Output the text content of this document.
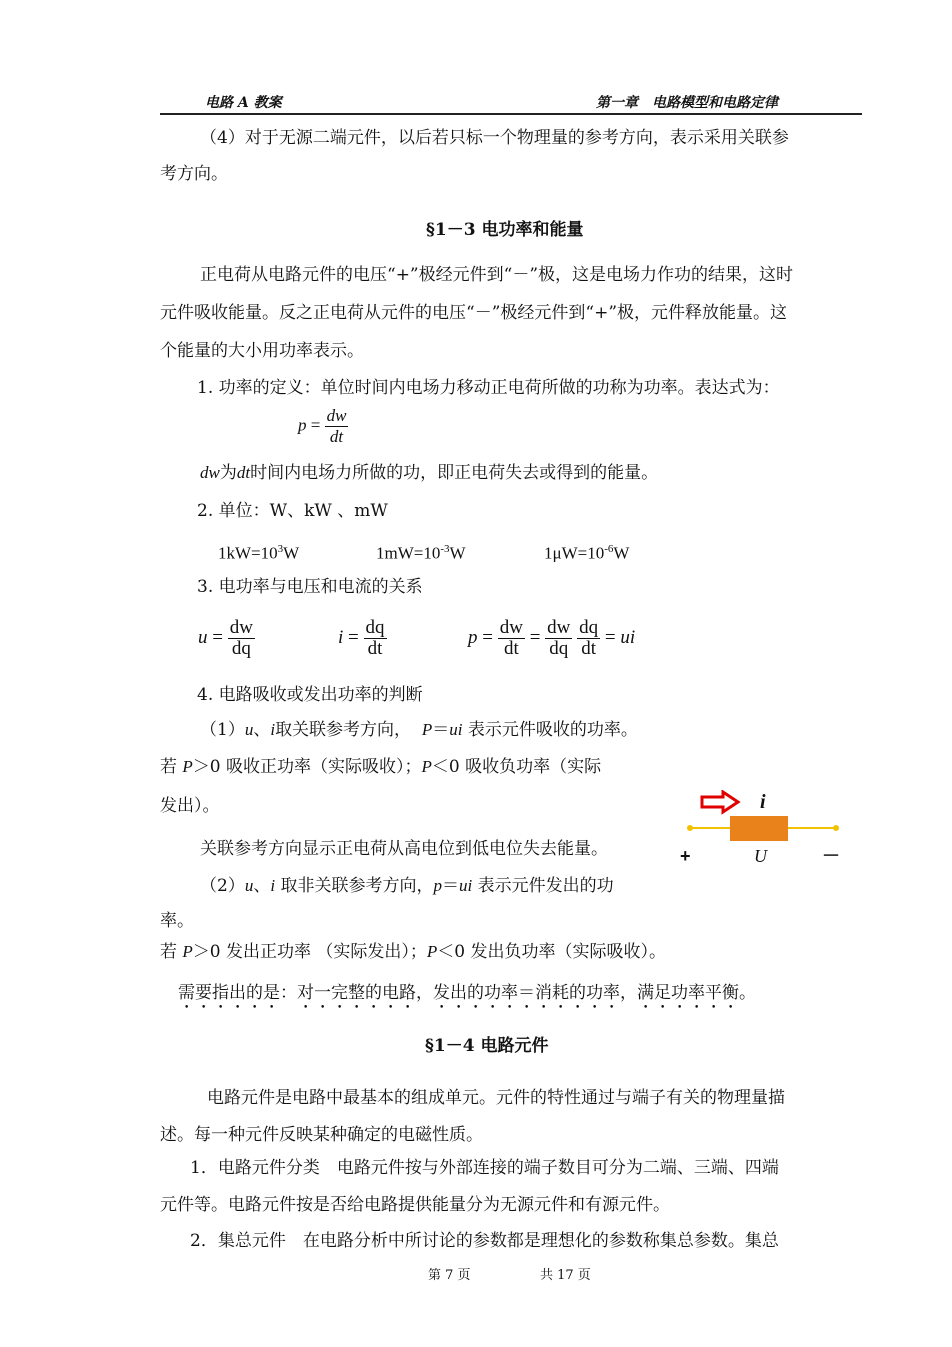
电路 A 教案	第一章　电路模型和电路定律
（4）对于无源二端元件，以后若只标一个物理量的参考方向，表示采用关联参
考方向。
§1－3 电功率和能量
正电荷从电路元件的电压“+”极经元件到“－”极，这是电场力作功的结果，这时
元件吸收能量。反之正电荷从元件的电压“－”极经元件到“+”极，元件释放能量。这
个能量的大小用功率表示。
1. 功率的定义：单位时间内电场力移动正电荷所做的功称为功率。表达式为：
$p = \frac{dw}{dt}$
dw为dt时间内电场力所做的功，即正电荷失去或得到的能量。
2. 单位：W、kW 、mW
$1kW=10^3W$	$1mW=10^{-3}W$	$1\mu W=10^{-6}W$
3. 电功率与电压和电流的关系
$u = \frac{dw}{dq}$	$i = \frac{dq}{dt}$	$p = \frac{dw}{dt} = \frac{dw}{dq}$
$\frac{dq}{dt}$ = ui
4. 电路吸收或发出功率的判断
（1）u、i取关联参考方向， P＝ui 表示元件吸收的功率。
若 P＞0 吸收正功率（实际吸收）；P＜0 吸收负功率（实际
发出）。
关联参考方向显示正电荷从高电位到低电位失去能量。
（2）u、i 取非关联参考方向，p＝ui 表示元件发出的功
率。
若 P＞0 发出正功率 （实际发出）；P＜0 发出负功率（实际吸收）。
需要指出的是：对一完整的电路，发出的功率＝消耗的功率，满足功率平衡。
i
+	U	－
§1－4 电路元件
电路元件是电路中最基本的组成单元。元件的特性通过与端子有关的物理量描
述。每一种元件反映某种确定的电磁性质。
1．电路元件分类　电路元件按与外部连接的端子数目可分为二端、三端、四端
元件等。电路元件按是否给电路提供能量分为无源元件和有源元件。
2．集总元件　在电路分析中所讨论的参数都是理想化的参数称集总参数。集总
第 7 页	共 17 页
